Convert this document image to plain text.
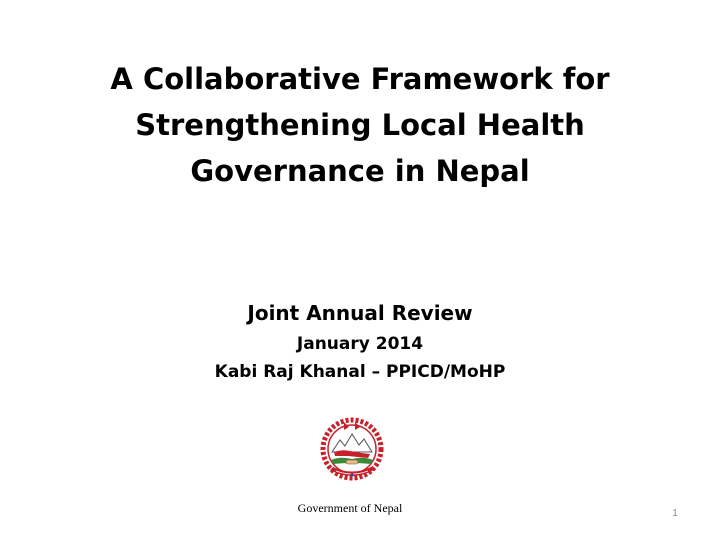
A Collaborative Framework for
Strengthening Local Health
Governance in Nepal
Joint Annual Review
January 2014
Kabi Raj Khanal – PPICD/MoHP
Government of Nepal	1
